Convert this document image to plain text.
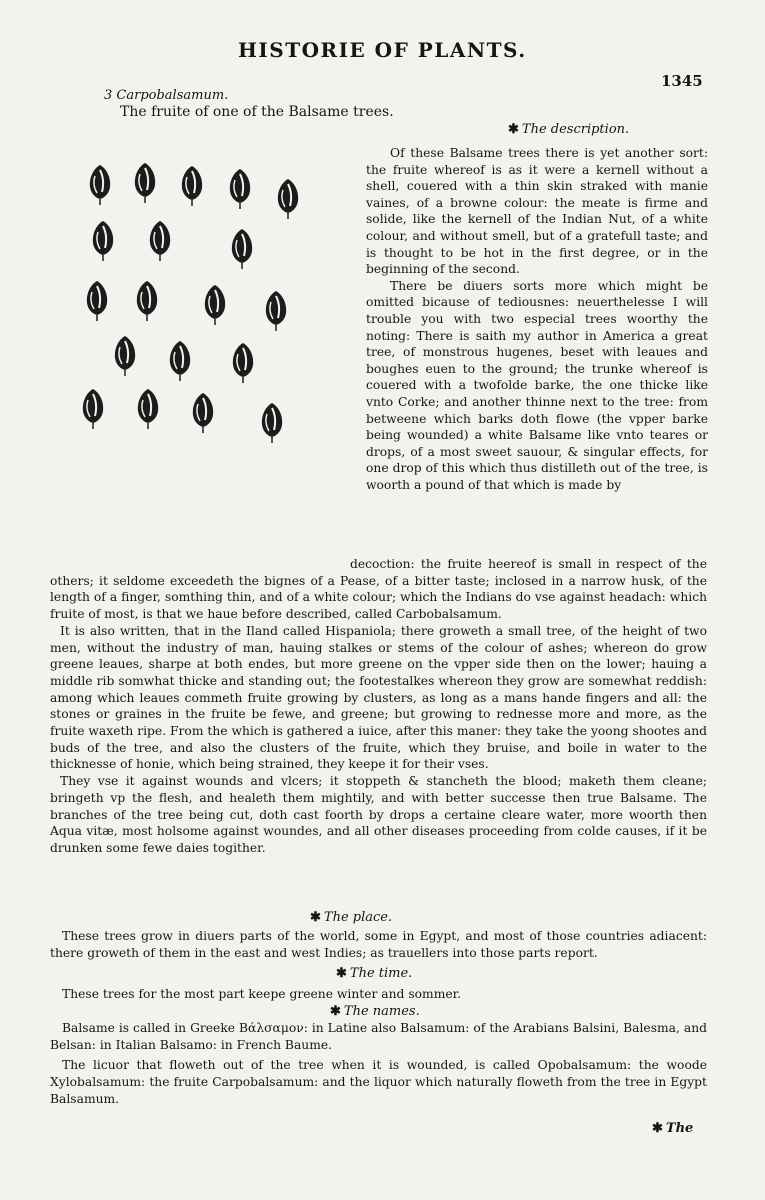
HISTORIE OF PLANTS.
1345
3 Carpobalsamum.
The fruite of one of the Balsame trees.
✱ The description.

Of these Balsame trees there is yet another sort: the fruite whereof is as it were a kernell without a shell, couered with a thin skin straked with manie vaines, of a browne colour: the meate is firme and solide, like the kernell of the Indian Nut, of a white colour, and without smell, but of a gratefull taste; and is thought to be hot in the first degree, or in the beginning of the second.

There be diuers sorts more which might be omitted bicause of tediousnes: neuerthelesse I will trouble you with two especial trees woorthy the noting: There is saith my author in America a great tree, of monstrous hugenes, beset with leaues and boughes euen to the ground; the trunke whereof is couered with a twofolde barke, the one thicke like vnto Corke; and another thinne next to the tree: from betweene which barks doth flowe (the vpper barke being wounded) a white Balsame like vnto teares or drops, of a most sweet sauour, & singular effects, for one drop of this which thus distilleth out of the tree, is woorth a pound of that which is made by

decoction: the fruite heereof is small in respect of the others; it seldome exceedeth the bignes of a Pease, of a bitter taste; inclosed in a narrow husk, of the length of a finger, somthing thin, and of a white colour; which the Indians do vse against headach: which fruite of most, is that we haue before described, called Carbobalsamum.

It is also written, that in the Iland called Hispaniola; there groweth a small tree, of the height of two men, without the industry of man, hauing stalkes or stems of the colour of ashes; whereon do grow greene leaues, sharpe at both endes, but more greene on the vpper side then on the lower; hauing a middle rib somwhat thicke and standing out; the footestalkes whereon they grow are somewhat reddish: among which leaues commeth fruite growing by clusters, as long as a mans hande fingers and all: the stones or graines in the fruite be fewe, and greene; but growing to rednesse more and more, as the fruite waxeth ripe. From the which is gathered a iuice, after this maner: they take the yoong shootes and buds of the tree, and also the clusters of the fruite, which they bruise, and boile in water to the thicknesse of honie, which being strained, they keepe it for their vses.

They vse it against wounds and vlcers; it stoppeth & stancheth the blood; maketh them cleane; bringeth vp the flesh, and healeth them mightily, and with better successe then true Balsame. The branches of the tree being cut, doth cast foorth by drops a certaine cleare water, more woorth then Aqua vitæ, most holsome against woundes, and all other diseases proceeding from colde causes, if it be drunken some fewe daies togither.

✱ The place.

These trees grow in diuers parts of the world, some in Egypt, and most of those countries adiacent: there groweth of them in the east and west Indies; as trauellers into those parts report.

✱ The time.

These trees for the most part keepe greene winter and sommer.

✱ The names.

Balsame is called in Greeke Βάλσαμον: in Latine also Balsamum: of the Arabians Balsini, Balesma, and Belsan: in Italian Balsamo: in French Baume.

The licuor that floweth out of the tree when it is wounded, is called Opobalsamum: the woode Xylobalsamum: the fruite Carpobalsamum: and the liquor which naturally floweth from the tree in Egypt Balsamum.

✱ The
